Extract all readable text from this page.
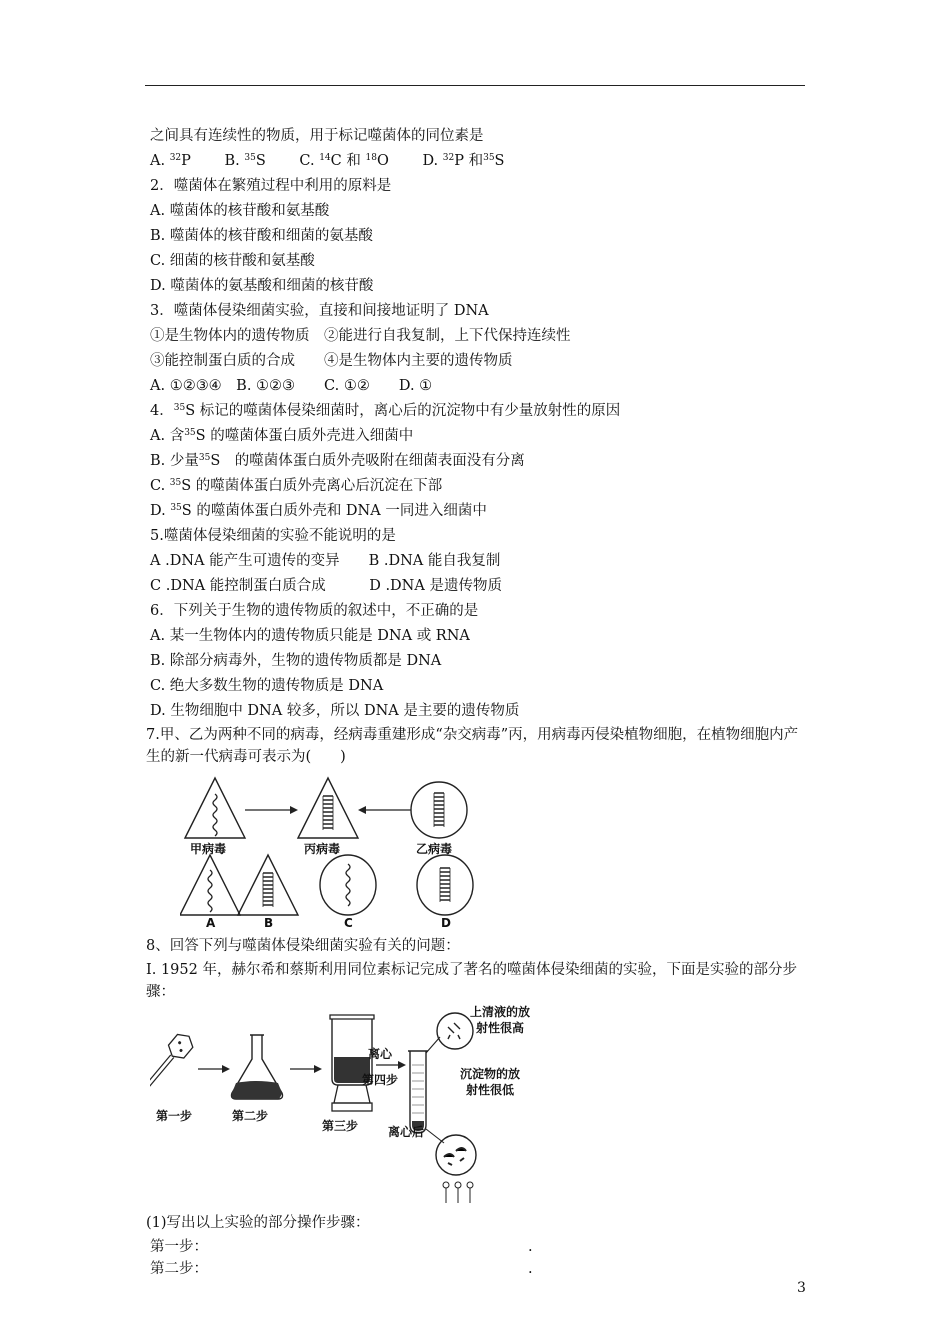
之间具有连续性的物质，用于标记噬菌体的同位素是
A. $^{32}$P   B. $^{35}$S   C. $^{14}$C 和 $^{18}$O   D. $^{32}$P 和$^{35}$S
2．噬菌体在繁殖过程中利用的原料是
A. 噬菌体的核苷酸和氨基酸
B. 噬菌体的核苷酸和细菌的氨基酸
C. 细菌的核苷酸和氨基酸
D. 噬菌体的氨基酸和细菌的核苷酸
3．噬菌体侵染细菌实验，直接和间接地证明了 DNA
①是生物体内的遗传物质　②能进行自我复制，上下代保持连续性
③能控制蛋白质的合成　　④是生物体内主要的遗传物质
A. ①②③④　B. ①②③　　C. ①②　　D. ①
4．$^{35}$S 标记的噬菌体侵染细菌时，离心后的沉淀物中有少量放射性的原因
A. 含$^{35}$S 的噬菌体蛋白质外壳进入细菌中
B. 少量$^{35}$S　的噬菌体蛋白质外壳吸附在细菌表面没有分离
C. $^{35}$S 的噬菌体蛋白质外壳离心后沉淀在下部
D. $^{35}$S 的噬菌体蛋白质外壳和 DNA 一同进入细菌中
5.噬菌体侵染细菌的实验不能说明的是
A .DNA 能产生可遗传的变异　　B .DNA 能自我复制
C .DNA 能控制蛋白质合成　　　D .DNA 是遗传物质
6．下列关于生物的遗传物质的叙述中，不正确的是
A. 某一生物体内的遗传物质只能是 DNA 或 RNA
B. 除部分病毒外，生物的遗传物质都是 DNA
C. 绝大多数生物的遗传物质是 DNA
D. 生物细胞中 DNA 较多，所以 DNA 是主要的遗传物质
7.甲、乙为两种不同的病毒，经病毒重建形成“杂交病毒”丙，用病毒丙侵染植物细胞，在植物细胞内产生的新一代病毒可表示为(　　)
甲病毒	丙病毒	乙病毒
A	B	C	D
8、回答下列与噬菌体侵染细菌实验有关的问题：
Ⅰ. 1952 年，赫尔希和蔡斯利用同位素标记完成了著名的噬菌体侵染细菌的实验，下面是实验的部分步骤：
第一步	第二步
第三步
离心
第四步
离心后
上清液的放
射性很高
沉淀物的放
射性很低
(1)写出以上实验的部分操作步骤：
第一步：	.
第二步：	.
3
